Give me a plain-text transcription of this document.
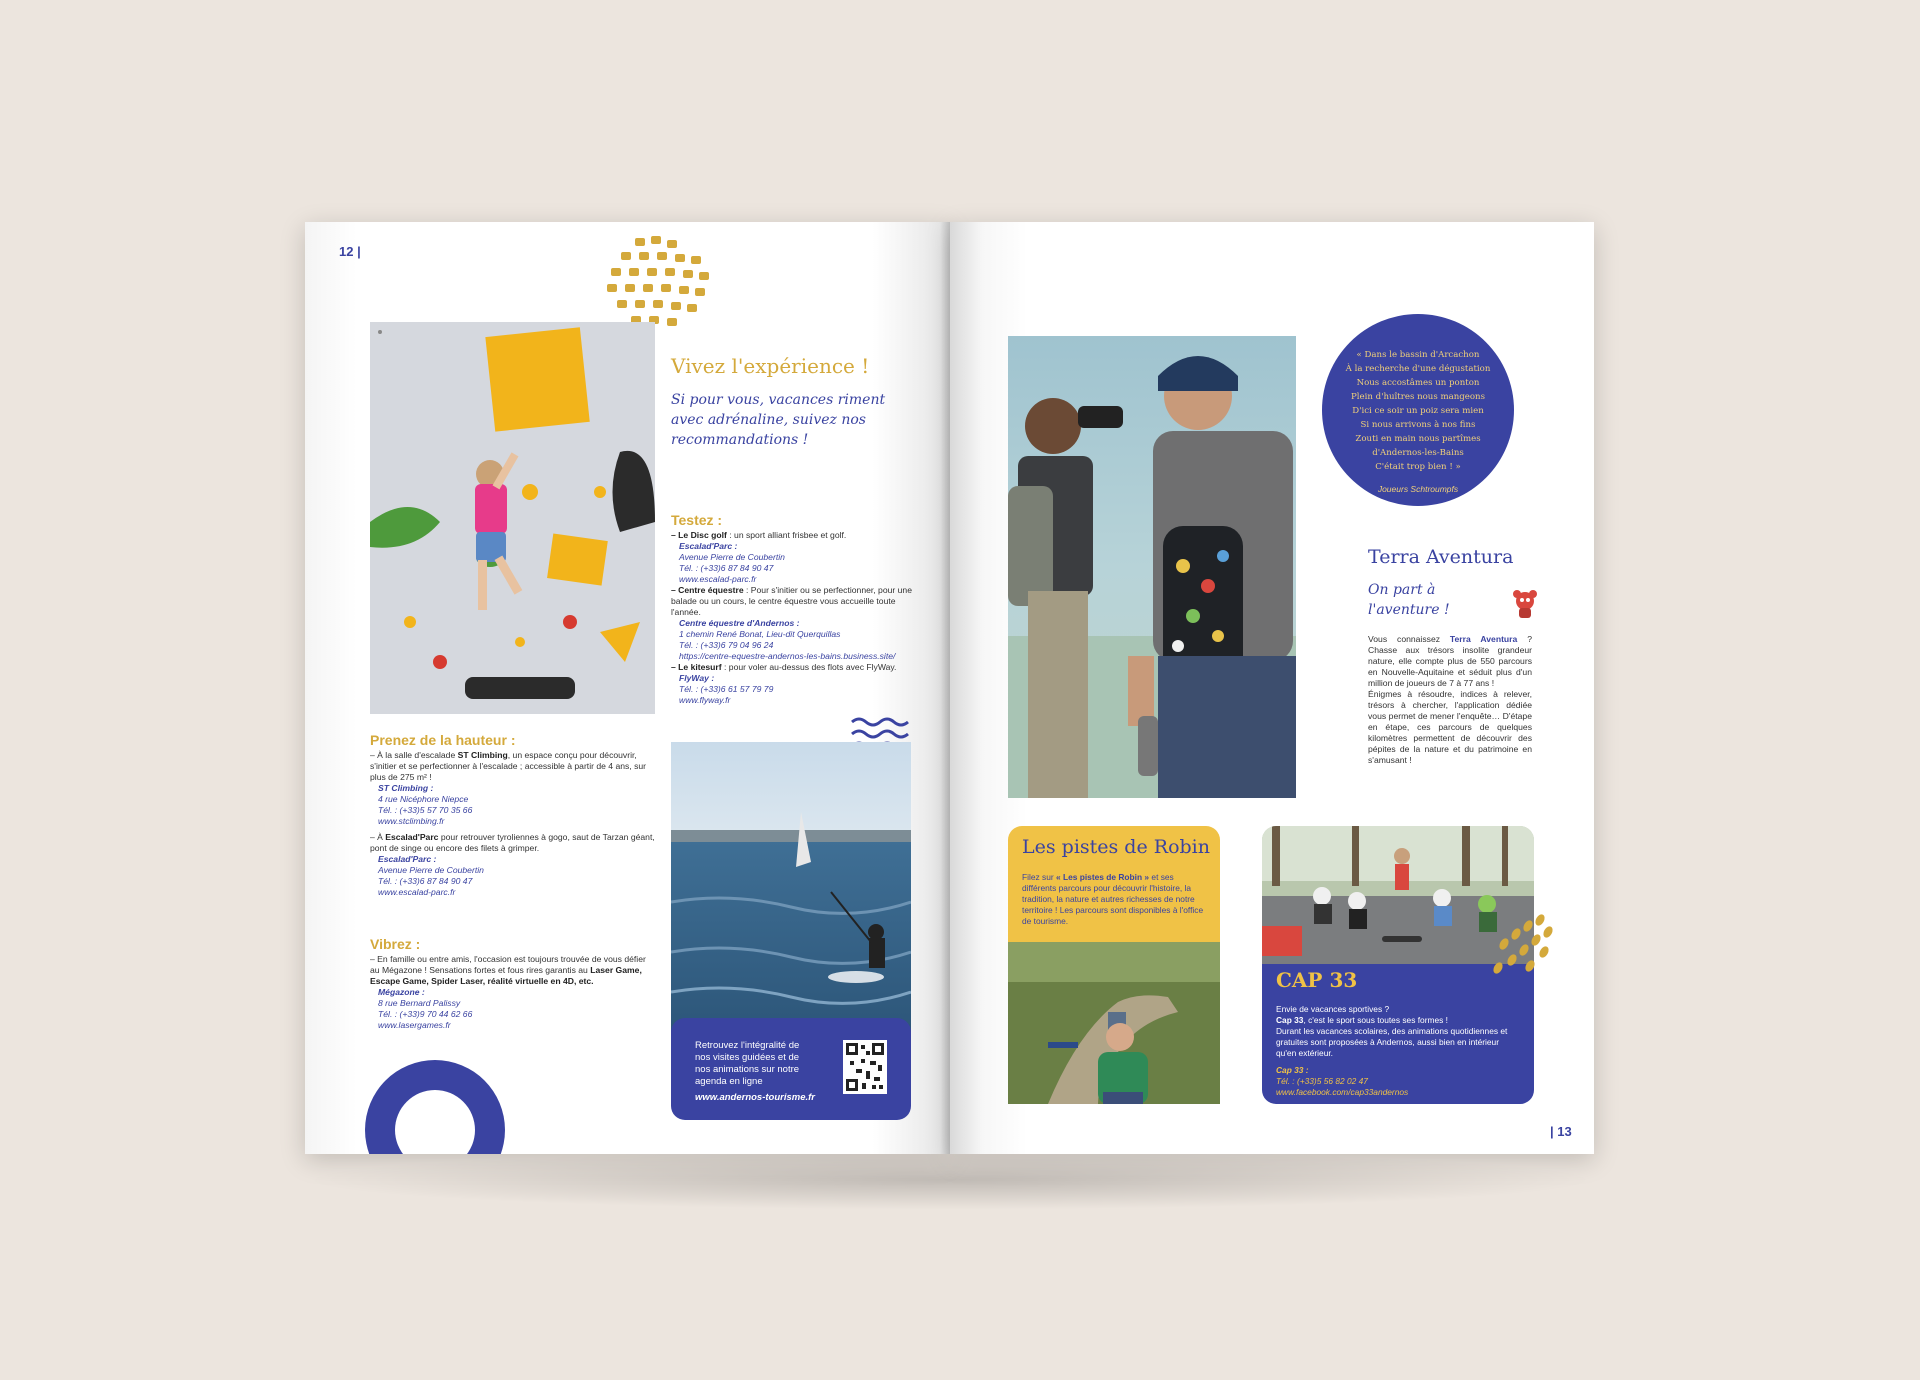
12 |
Vivez l'expérience !
Si pour vous, vacances riment avec adrénaline, suivez nos recommandations !
Testez :
– Le Disc golf : un sport alliant frisbee et golf.
Escalad'Parc :
Avenue Pierre de Coubertin
Tél. : (+33)6 87 84 90 47
www.escalad-parc.fr
– Centre équestre : Pour s'initier ou se perfectionner, pour une balade ou un cours, le centre équestre vous accueille toute l'année.
Centre équestre d'Andernos :
1 chemin René Bonat, Lieu-dit Querquillas
Tél. : (+33)6 79 04 96 24
https://centre-equestre-andernos-les-bains.business.site/
– Le kitesurf : pour voler au-dessus des flots avec FlyWay.
FlyWay :
Tél. : (+33)6 61 57 79 79
www.flyway.fr
Prenez de la hauteur :
– À la salle d'escalade ST Climbing, un espace conçu pour découvrir, s'initier et se perfectionner à l'escalade ; accessible à partir de 4 ans, sur plus de 275 m² !
ST Climbing :
4 rue Nicéphore Niepce
Tél. : (+33)5 57 70 35 66
www.stclimbing.fr
– À Escalad'Parc pour retrouver tyroliennes à gogo, saut de Tarzan géant, pont de singe ou encore des filets à grimper.
Escalad'Parc :
Avenue Pierre de Coubertin
Tél. : (+33)6 87 84 90 47
www.escalad-parc.fr
Vibrez :
– En famille ou entre amis, l'occasion est toujours trouvée de vous défier au Mégazone ! Sensations fortes et fous rires garantis au Laser Game, Escape Game, Spider Laser, réalité virtuelle en 4D, etc.
Mégazone :
8 rue Bernard Palissy
Tél. : (+33)9 70 44 62 66
www.lasergames.fr
Retrouvez l'intégralité de nos visites guidées et de nos animations sur notre agenda en ligne
www.andernos-tourisme.fr
« Dans le bassin d'Arcachon
À la recherche d'une dégustation
Nous accostâmes un ponton
Plein d'huîtres nous mangeons
D'ici ce soir un poiz sera mien
Si nous arrivons à nos fins
Zouti en main nous partîmes
d'Andernos-les-Bains
C'était trop bien ! »
Joueurs Schtroumpfs
Terra Aventura
On part à l'aventure !
Vous connaissez Terra Aventura ? Chasse aux trésors insolite grandeur nature, elle compte plus de 550 parcours en Nouvelle-Aquitaine et séduit plus d'un million de joueurs de 7 à 77 ans !
Énigmes à résoudre, indices à relever, trésors à chercher, l'application dédiée vous permet de mener l'enquête… D'étape en étape, ces parcours de quelques kilomètres permettent de découvrir des pépites de la nature et du patrimoine en s'amusant !
Les pistes de Robin
Filez sur « Les pistes de Robin » et ses différents parcours pour découvrir l'histoire, la tradition, la nature et autres richesses de notre territoire ! Les parcours sont disponibles à l'office de tourisme.
CAP 33
Envie de vacances sportives ?
Cap 33, c'est le sport sous toutes ses formes !
Durant les vacances scolaires, des animations quotidiennes et gratuites sont proposées à Andernos, aussi bien en intérieur qu'en extérieur.
Cap 33 :
Tél. : (+33)5 56 82 02 47
www.facebook.com/cap33andernos
| 13
